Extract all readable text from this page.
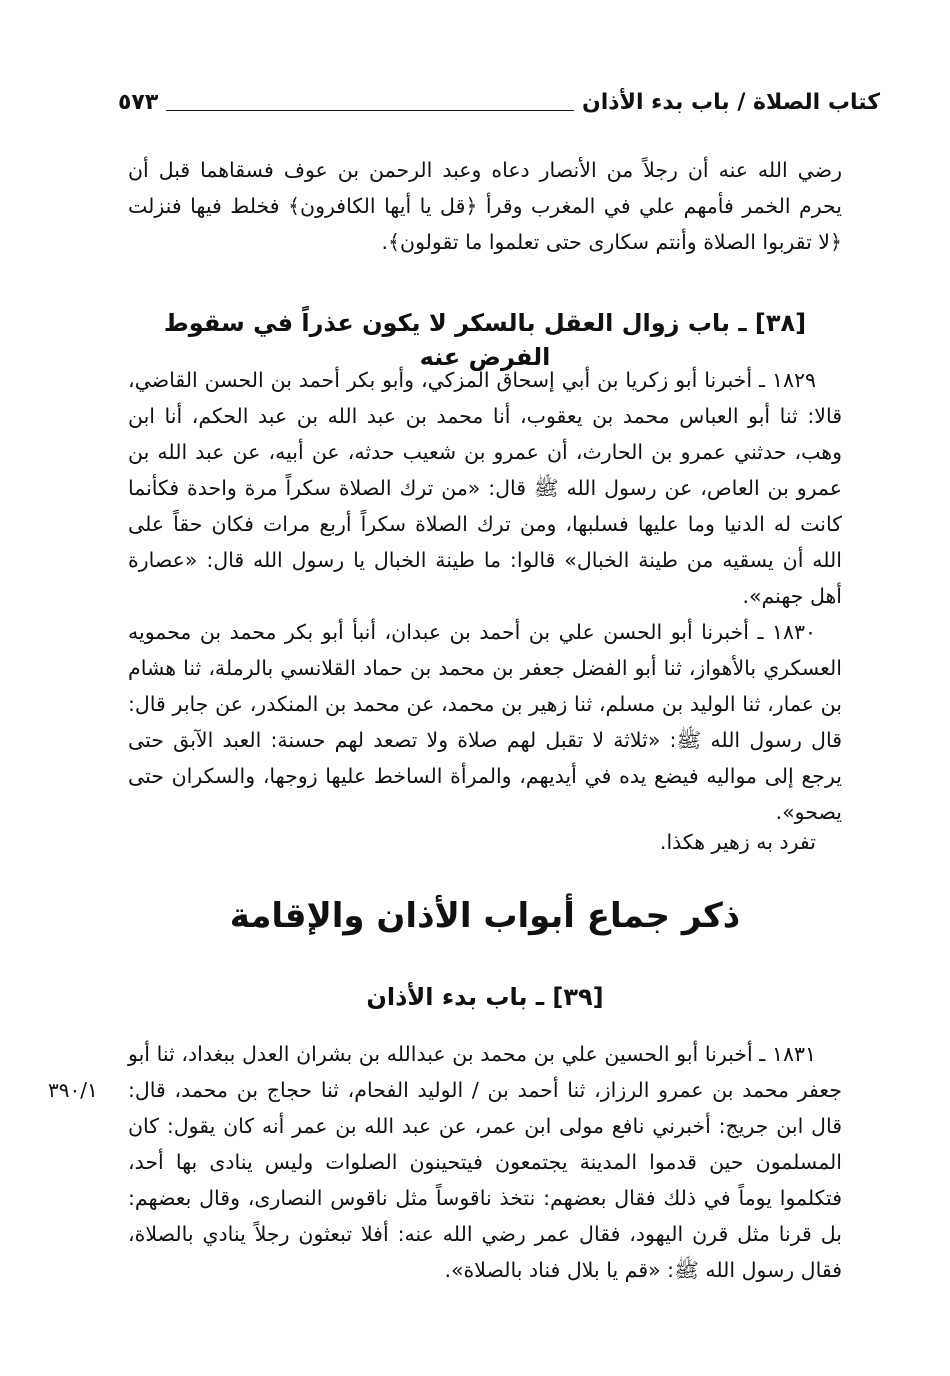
كتاب الصلاة / باب بدء الأذان
٥٧٣

رضي الله عنه أن رجلاً من الأنصار دعاه وعبد الرحمن بن عوف فسقاهما قبل أن يحرم الخمر فأمهم علي في المغرب وقرأ ﴿قل يا أيها الكافرون﴾ فخلط فيها فنزلت ﴿لا تقربوا الصلاة وأنتم سكارى حتى تعلموا ما تقولون﴾.

[٣٨] ـ باب زوال العقل بالسكر لا يكون عذراً في سقوط الفرض عنه

١٨٢٩ ـ أخبرنا أبو زكريا بن أبي إسحاق المزكي، وأبو بكر أحمد بن الحسن القاضي، قالا: ثنا أبو العباس محمد بن يعقوب، أنا محمد بن عبد الله بن عبد الحكم، أنا ابن وهب، حدثني عمرو بن الحارث، أن عمرو بن شعيب حدثه، عن أبيه، عن عبد الله بن عمرو بن العاص، عن رسول الله ﷺ قال: «من ترك الصلاة سكراً مرة واحدة فكأنما كانت له الدنيا وما عليها فسلبها، ومن ترك الصلاة سكراً أربع مرات فكان حقاً على الله أن يسقيه من طينة الخبال» قالوا: ما طينة الخبال يا رسول الله قال: «عصارة أهل جهنم».

١٨٣٠ ـ أخبرنا أبو الحسن علي بن أحمد بن عبدان، أنبأ أبو بكر محمد بن محمويه العسكري بالأهواز، ثنا أبو الفضل جعفر بن محمد بن حماد القلانسي بالرملة، ثنا هشام بن عمار، ثنا الوليد بن مسلم، ثنا زهير بن محمد، عن محمد بن المنكدر، عن جابر قال: قال رسول الله ﷺ: «ثلاثة لا تقبل لهم صلاة ولا تصعد لهم حسنة: العبد الآبق حتى يرجع إلى مواليه فيضع يده في أيديهم، والمرأة الساخط عليها زوجها، والسكران حتى يصحو».

تفرد به زهير هكذا.

ذكر جماع أبواب الأذان والإقامة
[٣٩] ـ باب بدء الأذان

١٨٣١ ـ أخبرنا أبو الحسين علي بن محمد بن عبدالله بن بشران العدل ببغداد، ثنا أبو جعفر محمد بن عمرو الرزاز، ثنا أحمد بن / الوليد الفحام، ثنا حجاج بن محمد، قال: قال ابن جريج: أخبرني نافع مولى ابن عمر، عن عبد الله بن عمر أنه كان يقول: كان المسلمون حين قدموا المدينة يجتمعون فيتحينون الصلوات وليس ينادى بها أحد، فتكلموا يوماً في ذلك فقال بعضهم: نتخذ ناقوساً مثل ناقوس النصارى، وقال بعضهم: بل قرنا مثل قرن اليهود، فقال عمر رضي الله عنه: أفلا تبعثون رجلاً ينادي بالصلاة، فقال رسول الله ﷺ: «قم يا بلال فناد بالصلاة».

٣٩٠/١
